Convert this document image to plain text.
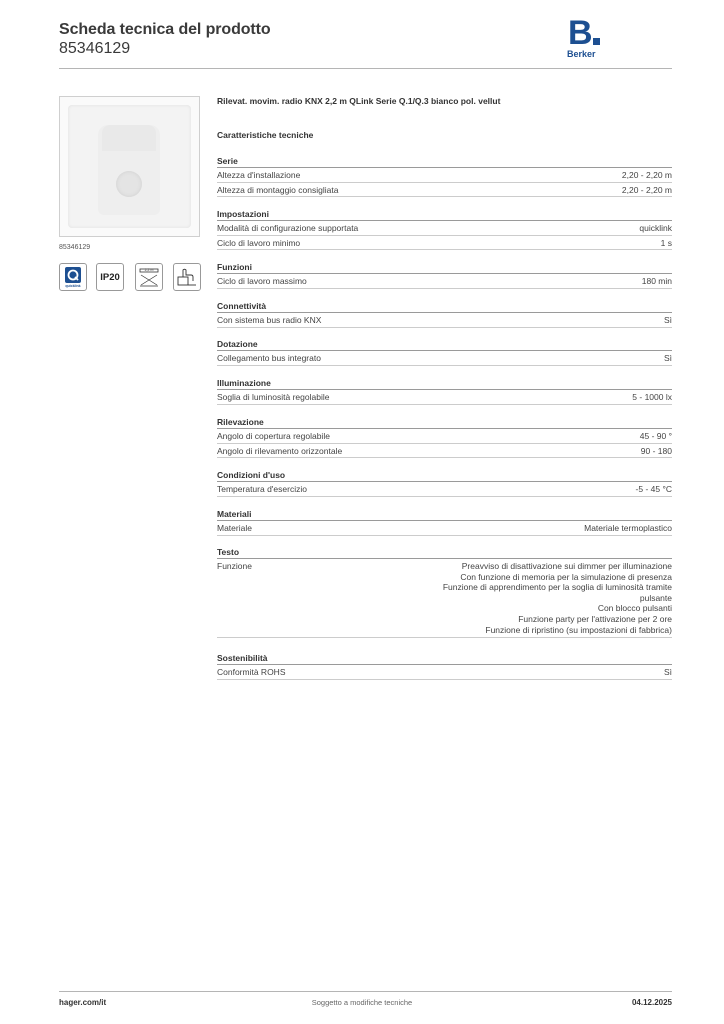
Scheda tecnica del prodotto
85346129	B
Berker
85346129
quicklink
IP20
2,2 m
Rilevat. movim. radio KNX 2,2 m QLink Serie Q.1/Q.3 bianco pol. vellut
Caratteristiche tecniche
Serie
Altezza d'installazione	2,20 - 2,20 m
Altezza di montaggio consigliata	2,20 - 2,20 m
Impostazioni
Modalità di configurazione supportata	quicklink
Ciclo di lavoro minimo	1 s
Funzioni
Ciclo di lavoro massimo	180 min
Connettività
Con sistema bus radio KNX	Sì
Dotazione
Collegamento bus integrato	Sì
Illuminazione
Soglia di luminosità regolabile	5 - 1000 lx
Rilevazione
Angolo di copertura regolabile	45 - 90 °
Angolo di rilevamento orizzontale	90 - 180
Condizioni d'uso
Temperatura d'esercizio	-5 - 45 °C
Materiali
Materiale	Materiale termoplastico
Testo
Funzione	Preavviso di disattivazione sui dimmer per illuminazione
Con funzione di memoria per la simulazione di presenza
Funzione di apprendimento per la soglia di luminosità tramite
pulsante
Con blocco pulsanti
Funzione party per l'attivazione per 2 ore
Funzione di ripristino (su impostazioni di fabbrica)
Sostenibilità
Conformità ROHS	Sì
hager.com/it	Soggetto a modifiche tecniche	04.12.2025
